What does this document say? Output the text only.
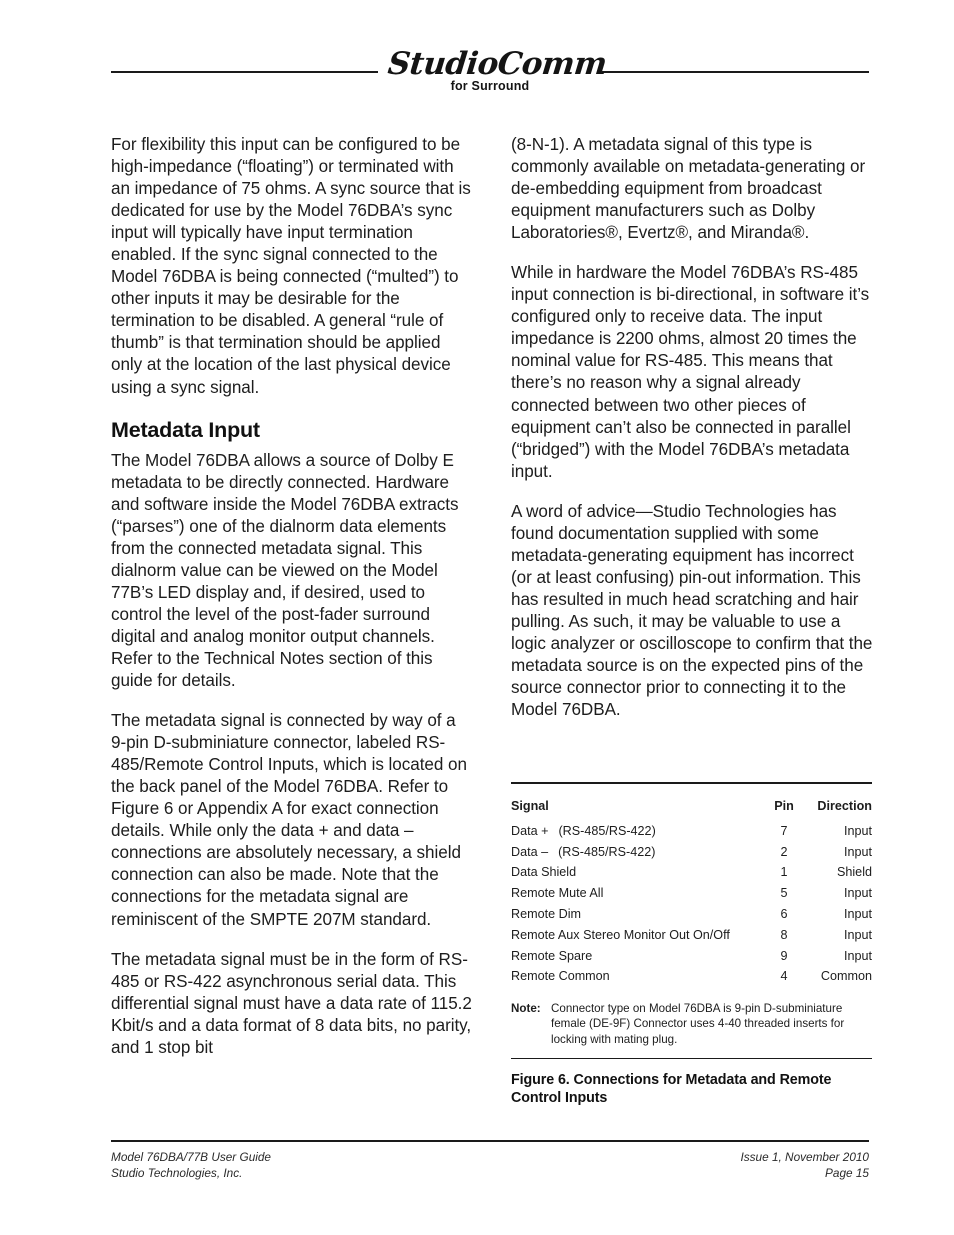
StudioComm
for Surround

For flexibility this input can be configured to be high-impedance (“floating”) or terminated with an impedance of 75 ohms. A sync source that is dedicated for use by the Model 76DBA’s sync input will typically have input termination enabled. If the sync signal connected to the Model 76DBA is being connected (“multed”) to other inputs it may be desirable for the termination to be disabled. A general “rule of thumb” is that termination should be applied only at the location of the last physical device using a sync signal.

Metadata Input

The Model 76DBA allows a source of Dolby E metadata to be directly connected. Hardware and software inside the Model 76DBA extracts (“parses”) one of the dialnorm data elements from the connected metadata signal. This dialnorm value can be viewed on the Model 77B’s LED display and, if desired, used to control the level of the post-fader surround digital and analog monitor output channels. Refer to the Technical Notes section of this guide for details.

The metadata signal is connected by way of a 9-pin D-subminiature connector, labeled RS-485/Remote Control Inputs, which is located on the back panel of the Model 76DBA. Refer to Figure 6 or Appendix A for exact connection details. While only the data + and data – connections are absolutely necessary, a shield connection can also be made. Note that the connections for the metadata signal are reminiscent of the SMPTE 207M standard.

The metadata signal must be in the form of RS-485 or RS-422 asynchronous serial data. This differential signal must have a data rate of 115.2 Kbit/s and a data format of 8 data bits, no parity, and 1 stop bit

(8-N-1). A metadata signal of this type is commonly available on metadata-generating or de-embedding equipment from broadcast equipment manufacturers such as Dolby Laboratories®, Evertz®, and Miranda®.

While in hardware the Model 76DBA’s RS-485 input connection is bi-directional, in software it’s configured only to receive data. The input impedance is 2200 ohms, almost 20 times the nominal value for RS-485. This means that there’s no reason why a signal already connected between two other pieces of equipment can’t also be connected in parallel (“bridged”) with the Model 76DBA’s metadata input.

A word of advice—Studio Technologies has found documentation supplied with some metadata-generating equipment has incorrect (or at least confusing) pin-out information. This has resulted in much head scratching and hair pulling. As such, it may be valuable to use a logic analyzer or oscilloscope to confirm that the metadata source is on the expected pins of the source connector prior to connecting it to the Model 76DBA.

Signal	Pin	Direction
Data + (RS-485/RS-422)	7	Input
Data – (RS-485/RS-422)	2	Input
Data Shield	1	Shield
Remote Mute All	5	Input
Remote Dim	6	Input
Remote Aux Stereo Monitor Out On/Off	8	Input
Remote Spare	9	Input
Remote Common	4	Common
Note: Connector type on Model 76DBA is 9-pin D-subminiature female (DE-9F) Connector uses 4-40 threaded inserts for locking with mating plug.
Figure 6. Connections for Metadata and Remote Control Inputs
Model 76DBA/77B User Guide
Studio Technologies, Inc.
Issue 1, November 2010
Page 15
